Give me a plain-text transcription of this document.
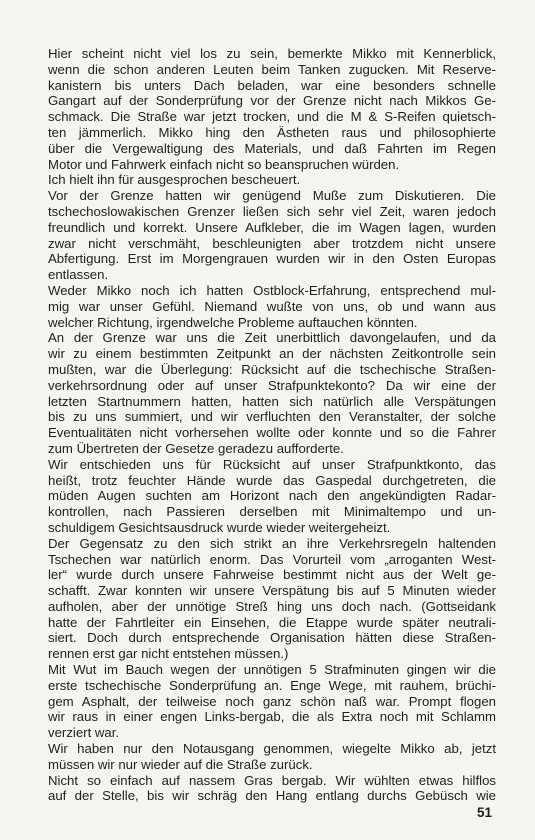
Hier scheint nicht viel los zu sein, bemerkte Mikko mit Kennerblick,
wenn die schon anderen Leuten beim Tanken zugucken. Mit Reserve-
kanistern bis unters Dach beladen, war eine besonders schnelle
Gangart auf der Sonderprüfung vor der Grenze nicht nach Mikkos Ge-
schmack. Die Straße war jetzt trocken, und die M & S-Reifen quietsch-
ten jämmerlich. Mikko hing den Ästheten raus und philosophierte
über die Vergewaltigung des Materials, und daß Fahrten im Regen
Motor und Fahrwerk einfach nicht so beanspruchen würden.
Ich hielt ihn für ausgesprochen bescheuert.
Vor der Grenze hatten wir genügend Muße zum Diskutieren. Die
tschechoslowakischen Grenzer ließen sich sehr viel Zeit, waren jedoch
freundlich und korrekt. Unsere Aufkleber, die im Wagen lagen, wurden
zwar nicht verschmäht, beschleunigten aber trotzdem nicht unsere
Abfertigung. Erst im Morgengrauen wurden wir in den Osten Europas
entlassen.
Weder Mikko noch ich hatten Ostblock-Erfahrung, entsprechend mul-
mig war unser Gefühl. Niemand wußte von uns, ob und wann aus
welcher Richtung, irgendwelche Probleme auftauchen könnten.
An der Grenze war uns die Zeit unerbittlich davongelaufen, und da
wir zu einem bestimmten Zeitpunkt an der nächsten Zeitkontrolle sein
mußten, war die Überlegung: Rücksicht auf die tschechische Straßen-
verkehrsordnung oder auf unser Strafpunktekonto? Da wir eine der
letzten Startnummern hatten, hatten sich natürlich alle Verspätungen
bis zu uns summiert, und wir verfluchten den Veranstalter, der solche
Eventualitäten nicht vorhersehen wollte oder konnte und so die Fahrer
zum Übertreten der Gesetze geradezu aufforderte.
Wir entschieden uns für Rücksicht auf unser Strafpunktkonto, das
heißt, trotz feuchter Hände wurde das Gaspedal durchgetreten, die
müden Augen suchten am Horizont nach den angekündigten Radar-
kontrollen, nach Passieren derselben mit Minimaltempo und un-
schuldigem Gesichtsausdruck wurde wieder weitergeheizt.
Der Gegensatz zu den sich strikt an ihre Verkehrsregeln haltenden
Tschechen war natürlich enorm. Das Vorurteil vom „arroganten West-
ler“ wurde durch unsere Fahrweise bestimmt nicht aus der Welt ge-
schafft. Zwar konnten wir unsere Verspätung bis auf 5 Minuten wieder
aufholen, aber der unnötige Streß hing uns doch nach. (Gottseidank
hatte der Fahrtleiter ein Einsehen, die Etappe wurde später neutrali-
siert. Doch durch entsprechende Organisation hätten diese Straßen-
rennen erst gar nicht entstehen müssen.)
Mit Wut im Bauch wegen der unnötigen 5 Strafminuten gingen wir die
erste tschechische Sonderprüfung an. Enge Wege, mit rauhem, brüchi-
gem Asphalt, der teilweise noch ganz schön naß war. Prompt flogen
wir raus in einer engen Links-bergab, die als Extra noch mit Schlamm
verziert war.
Wir haben nur den Notausgang genommen, wiegelte Mikko ab, jetzt
müssen wir nur wieder auf die Straße zurück.
Nicht so einfach auf nassem Gras bergab. Wir wühlten etwas hilflos
auf der Stelle, bis wir schräg den Hang entlang durchs Gebüsch wie
51
